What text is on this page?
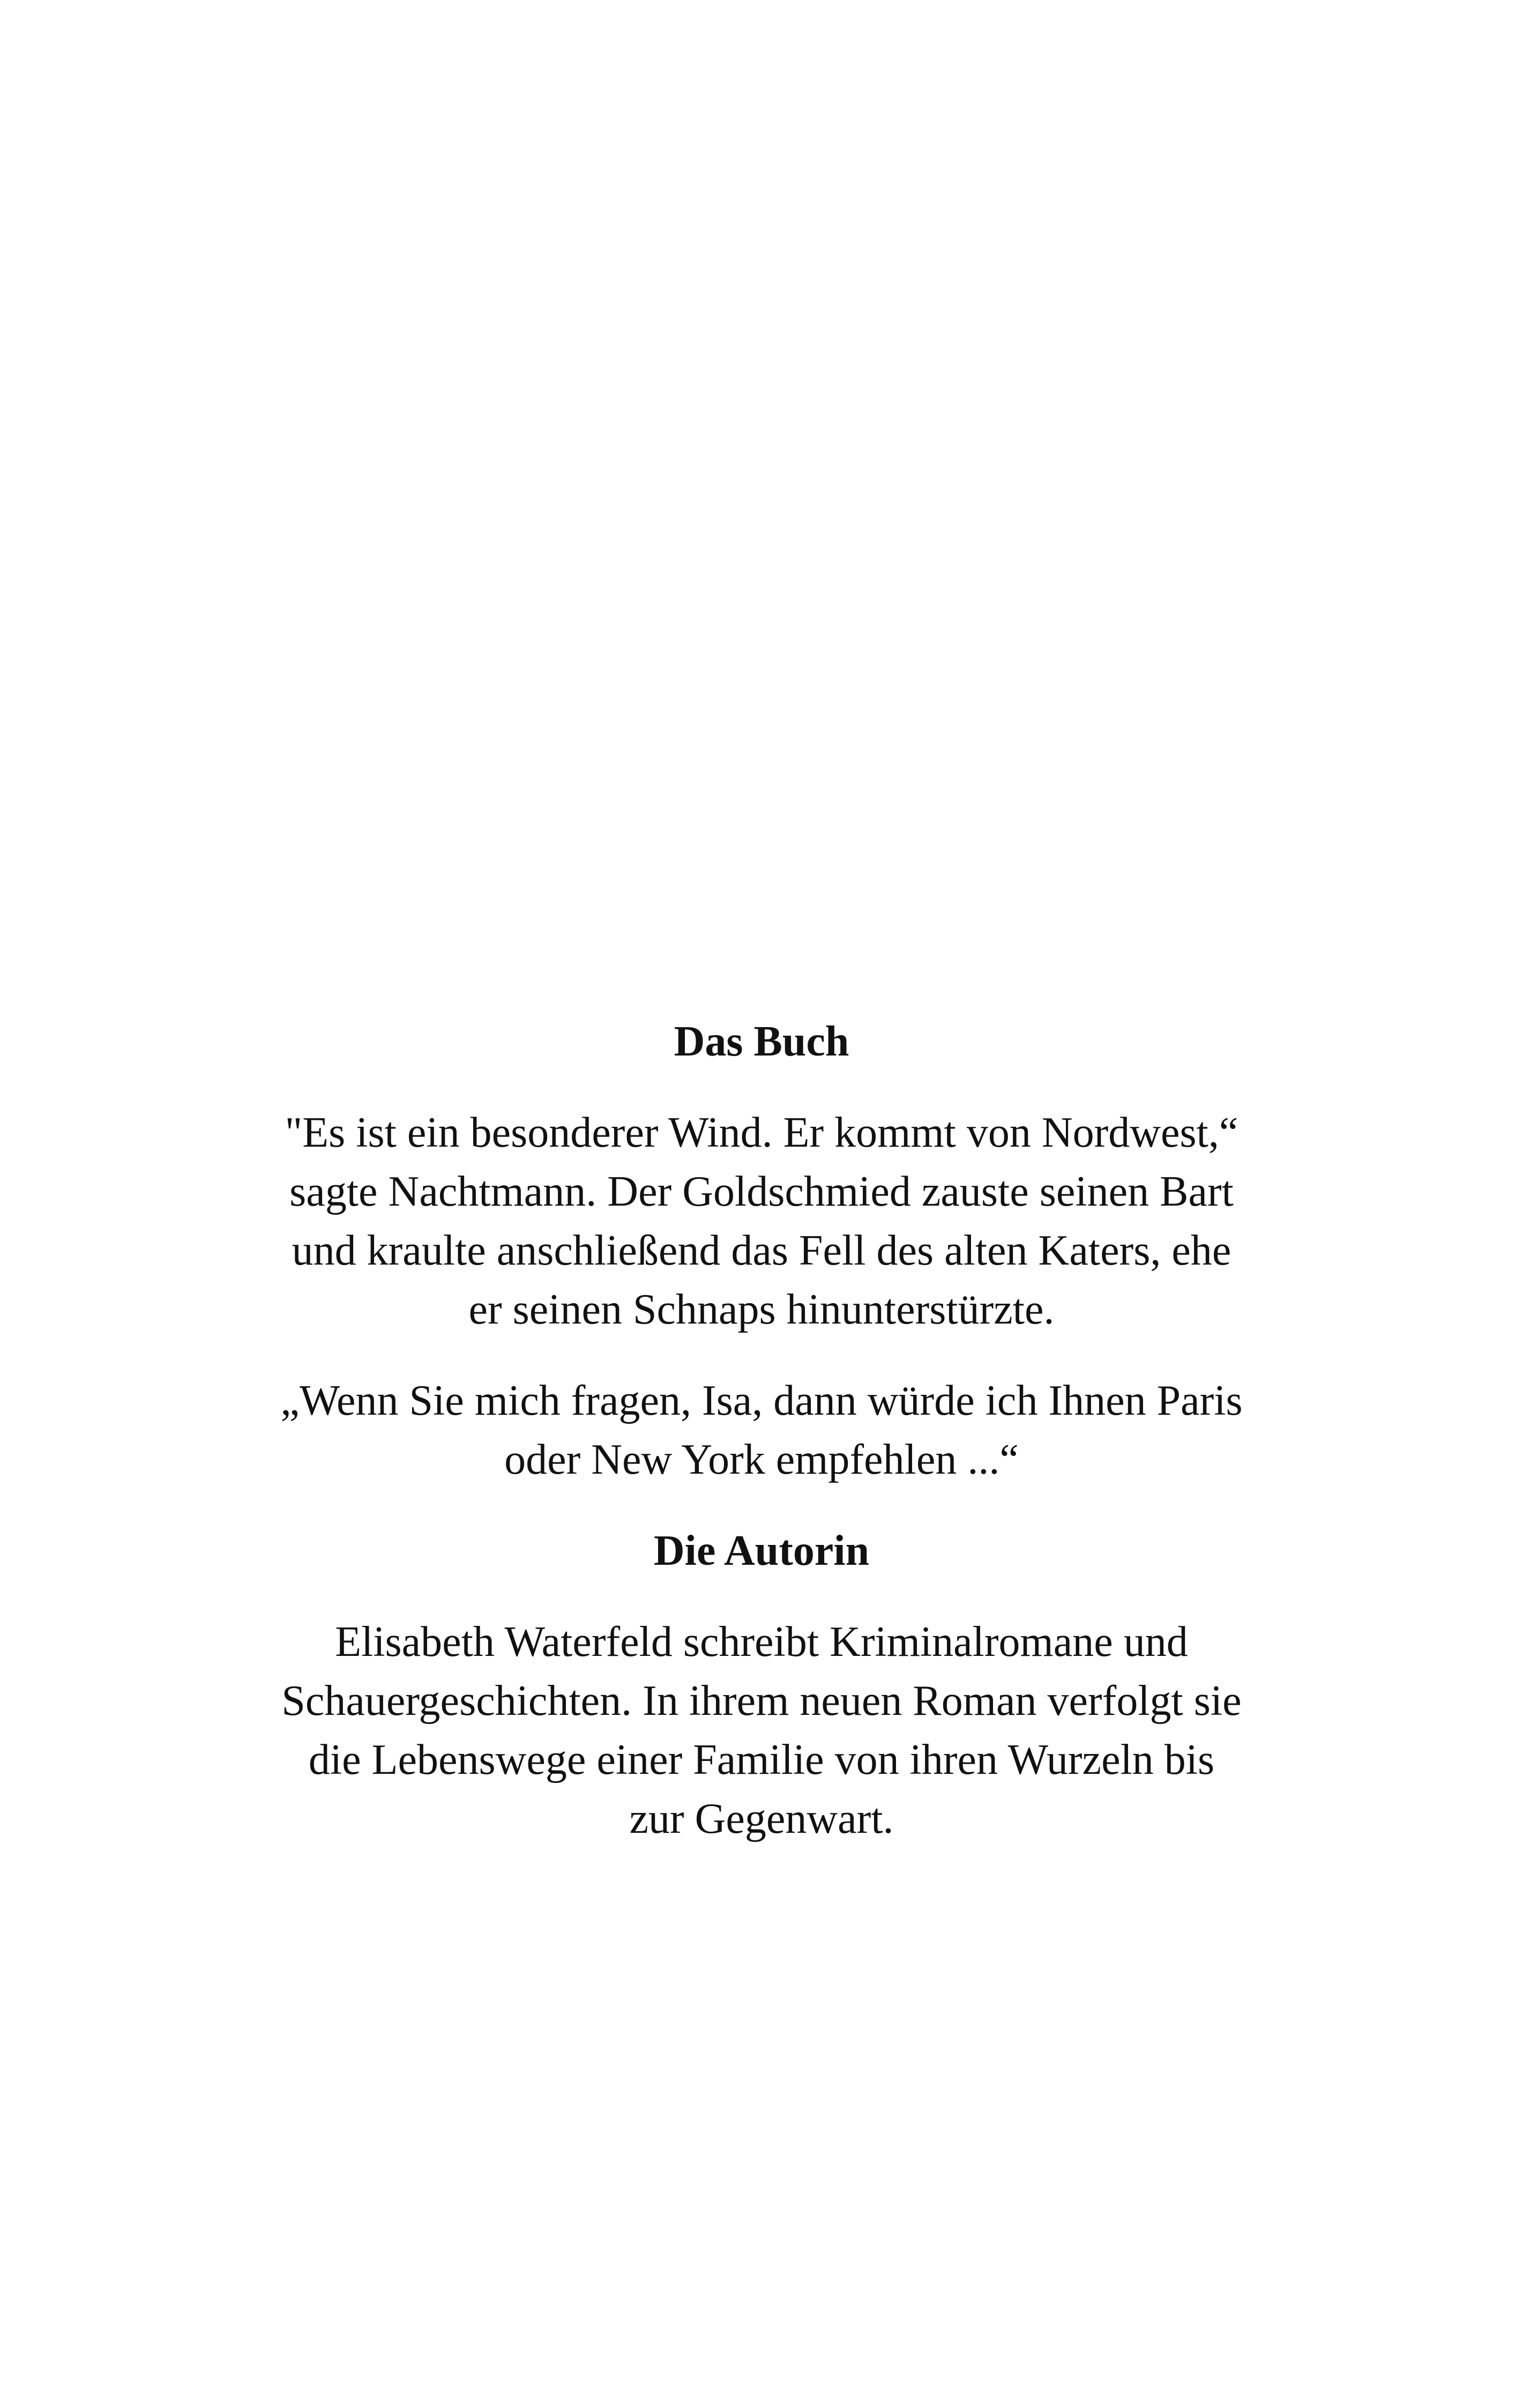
Das Buch

"Es ist ein besonderer Wind. Er kommt von Nordwest,“
sagte Nachtmann. Der Goldschmied zauste seinen Bart
und kraulte anschließend das Fell des alten Katers, ehe
er seinen Schnaps hinunterstürzte.

„Wenn Sie mich fragen, Isa, dann würde ich Ihnen Paris
oder New York empfehlen ...“

Die Autorin

Elisabeth Waterfeld schreibt Kriminalromane und
Schauergeschichten. In ihrem neuen Roman verfolgt sie
die Lebenswege einer Familie von ihren Wurzeln bis
zur Gegenwart.
